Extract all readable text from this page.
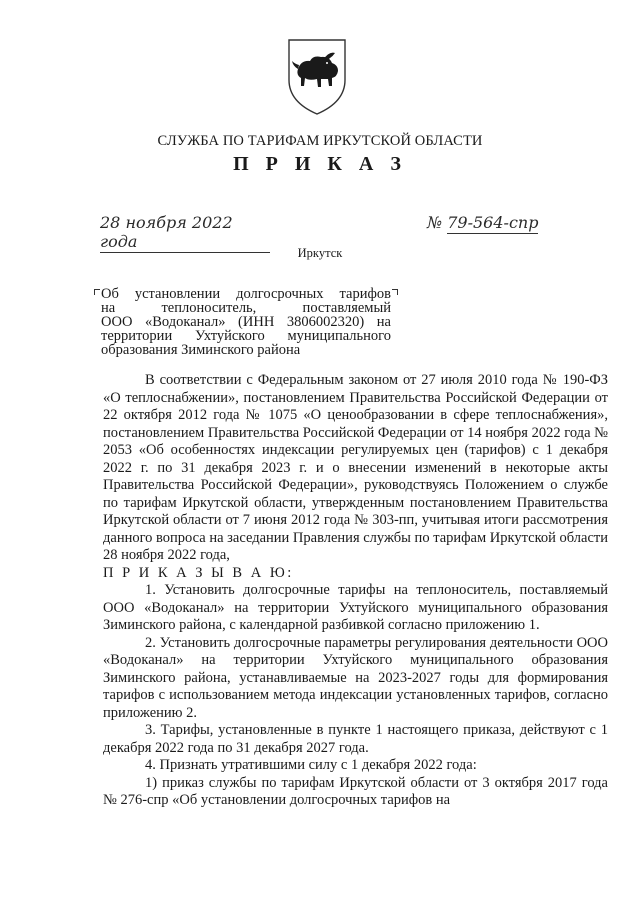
СЛУЖБА ПО ТАРИФАМ ИРКУТСКОЙ ОБЛАСТИ
П Р И К А З
28 ноября 2022 года
№ 79-564-спр
Иркутск
Об установлении долгосрочных тарифов
на теплоноситель, поставляемый
ООО «Водоканал» (ИНН 3806002320) на
территории Ухтуйского муниципального
образования Зиминского района

В соответствии с Федеральным законом от 27 июля 2010 года № 190-ФЗ «О теплоснабжении», постановлением Правительства Российской Федерации от 22 октября 2012 года № 1075 «О ценообразовании в сфере теплоснабжения», постановлением Правительства Российской Федерации от 14 ноября 2022 года № 2053 «Об особенностях индексации регулируемых цен (тарифов) с 1 декабря 2022 г. по 31 декабря 2023 г. и о внесении изменений в некоторые акты Правительства Российской Федерации», руководствуясь Положением о службе по тарифам Иркутской области, утвержденным постановлением Правительства Иркутской области от 7 июня 2012 года № 303-пп, учитывая итоги рассмотрения данного вопроса на заседании Правления службы по тарифам Иркутской области 28 ноября 2022 года,

П Р И К А З Ы В А Ю:

1. Установить долгосрочные тарифы на теплоноситель, поставляемый ООО «Водоканал» на территории Ухтуйского муниципального образования Зиминского района, с календарной разбивкой согласно приложению 1.

2. Установить долгосрочные параметры регулирования деятельности ООО «Водоканал» на территории Ухтуйского муниципального образования Зиминского района, устанавливаемые на 2023-2027 годы для формирования тарифов с использованием метода индексации установленных тарифов, согласно приложению 2.

3. Тарифы, установленные в пункте 1 настоящего приказа, действуют с 1 декабря 2022 года по 31 декабря 2027 года.

4. Признать утратившими силу с 1 декабря 2022 года:

1) приказ службы по тарифам Иркутской области от 3 октября 2017 года № 276-спр «Об установлении долгосрочных тарифов на
